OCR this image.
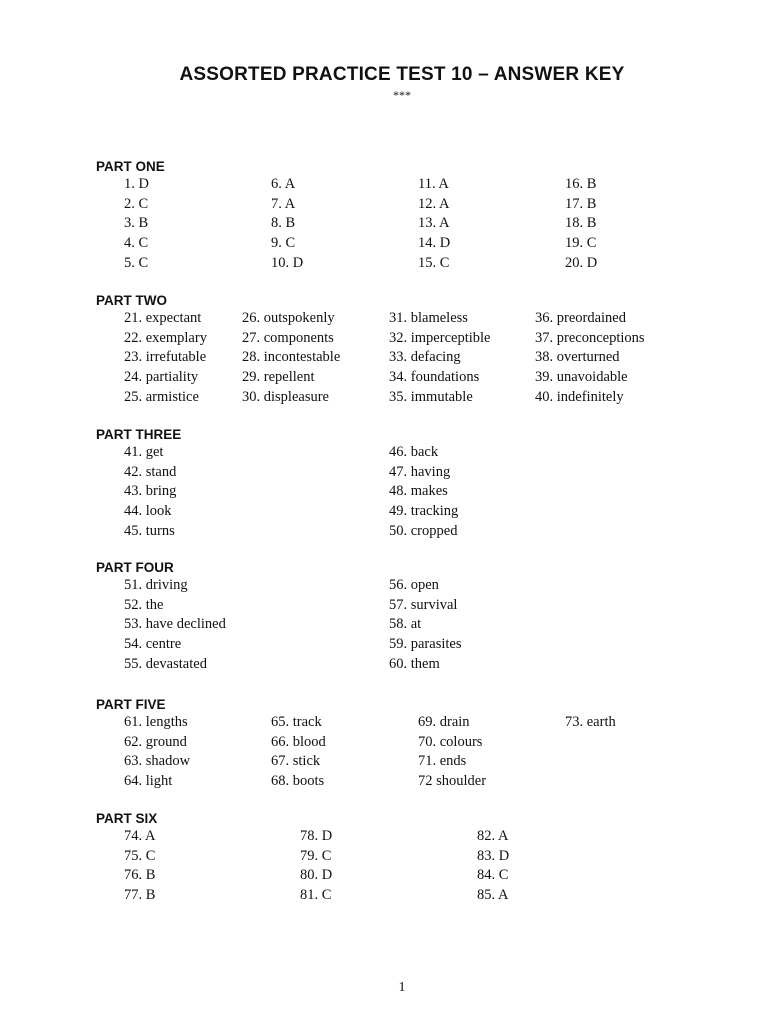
ASSORTED PRACTICE TEST 10 – ANSWER KEY
***
PART ONE
1. D	6. A	11. A	16. B
2. C	7. A	12. A	17. B
3. B	8. B	13. A	18. B
4. C	9. C	14. D	19. C
5. C	10. D	15. C	20. D
PART TWO
21. expectant	26. outspokenly	31. blameless	36. preordained
22. exemplary 27. components	32. imperceptible	37. preconceptions
23. irrefutable 28. incontestable	33. defacing	38. overturned
24. partiality	29. repellent	34. foundations	39. unavoidable
25. armistice	30. displeasure	35. immutable	40. indefinitely
PART THREE
41. get	46. back
42. stand	47. having
43. bring	48. makes
44. look	49. tracking
45. turns	50. cropped
PART FOUR
51. driving	56. open
52. the	57. survival
53. have declined	58. at
54. centre	59. parasites
55. devastated	60. them
PART FIVE
61. lengths	65. track	69. drain	73. earth
62. ground	66. blood	70. colours
63. shadow	67. stick	71. ends
64. light	68. boots	72 shoulder
PART SIX
74. A	78. D	82. A
75. C	79. C	83. D
76. B	80. D	84. C
77. B	81. C	85. A
1
